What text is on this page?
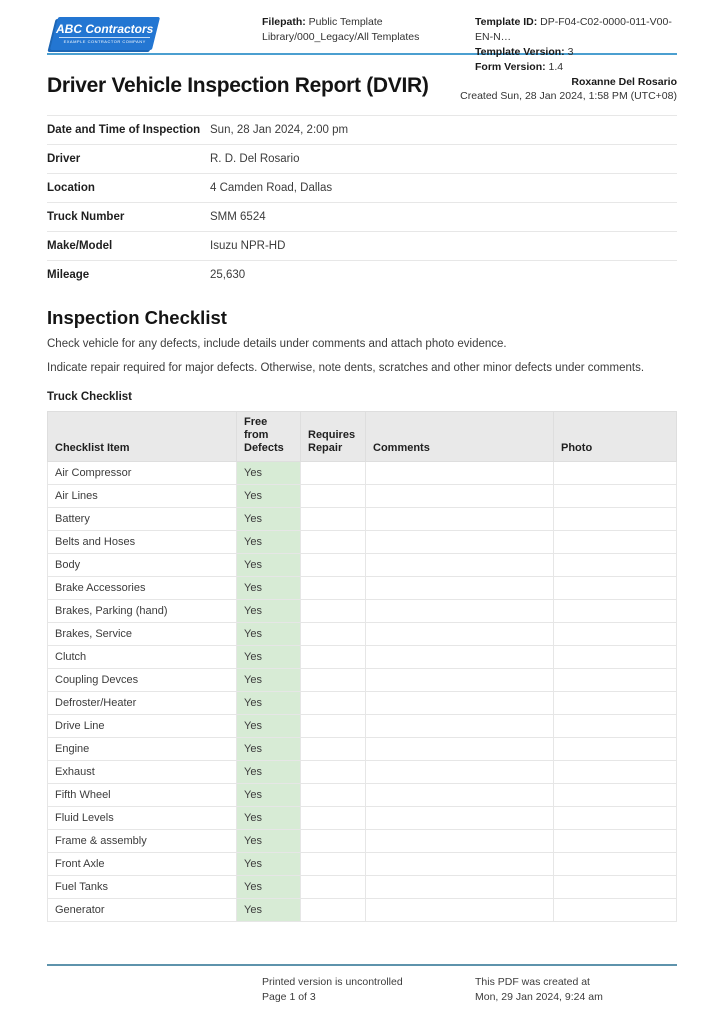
ABC Contractors
EXAMPLE CONTRACTOR COMPANY
Filepath: Public Template Library/000_Legacy/All Templates
Template ID: DP-F04-C02-0000-011-V00-EN-N…
Template Version: 3
Form Version: 1.4
Driver Vehicle Inspection Report (DVIR)	Roxanne Del Rosario
Created Sun, 28 Jan 2024, 1:58 PM (UTC+08)
Date and Time of Inspection Sun, 28 Jan 2024, 2:00 pm
Driver	R. D. Del Rosario
Location	4 Camden Road, Dallas
Truck Number	SMM 6524
Make/Model	Isuzu NPR-HD
Mileage	25,630
Inspection Checklist

Check vehicle for any defects, include details under comments and attach photo evidence.

Indicate repair required for major defects. Otherwise, note dents, scratches and other minor defects under comments.

Truck Checklist
Checklist Item	Free from Defects	Requires Repair	Comments	Photo
Air Compressor	Yes			
Air Lines	Yes			
Battery	Yes			
Belts and Hoses	Yes			
Body	Yes			
Brake Accessories	Yes			
Brakes, Parking (hand)	Yes			
Brakes, Service	Yes			
Clutch	Yes			
Coupling Devces	Yes			
Defroster/Heater	Yes			
Drive Line	Yes			
Engine	Yes			
Exhaust	Yes			
Fifth Wheel	Yes			
Fluid Levels	Yes			
Frame & assembly	Yes			
Front Axle	Yes			
Fuel Tanks	Yes			
Generator	Yes			
Printed version is uncontrolled
Page 1 of 3
This PDF was created at
Mon, 29 Jan 2024, 9:24 am
